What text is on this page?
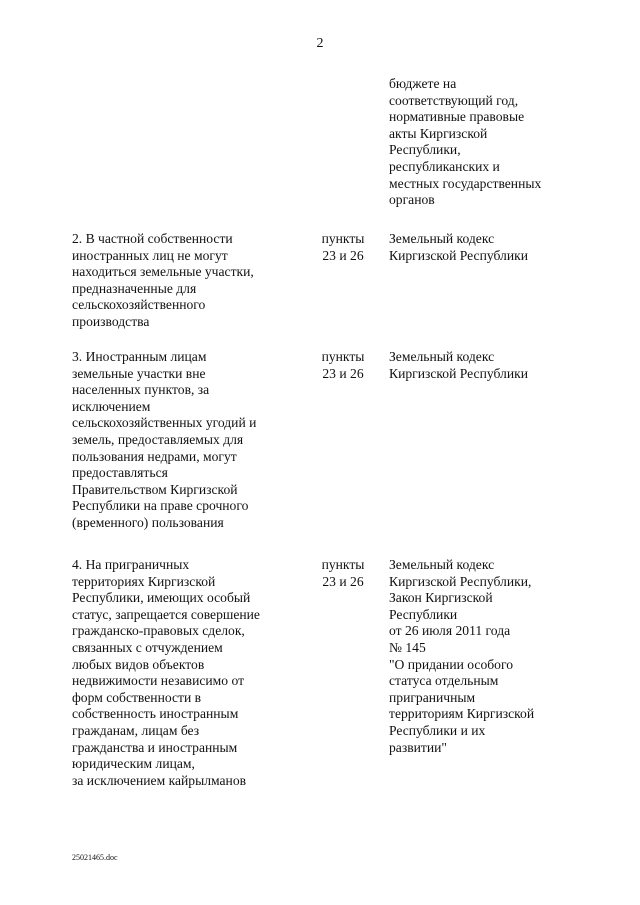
2
бюджете на
соответствующий год,
нормативные правовые
акты Киргизской
Республики,
республиканских и
местных государственных
органов
2. В частной собственности
иностранных лиц не могут
находиться земельные участки,
предназначенные для
сельскохозяйственного
производства
пункты
23 и 26
Земельный кодекс
Киргизской Республики
3. Иностранным лицам
земельные участки вне
населенных пунктов, за
исключением
сельскохозяйственных угодий и
земель, предоставляемых для
пользования недрами, могут
предоставляться
Правительством Киргизской
Республики на праве срочного
(временного) пользования
пункты
23 и 26
Земельный кодекс
Киргизской Республики
4. На приграничных
территориях Киргизской
Республики, имеющих особый
статус, запрещается совершение
гражданско-правовых сделок,
связанных с отчуждением
любых видов объектов
недвижимости независимо от
форм собственности в
собственность иностранным
гражданам, лицам без
гражданства и иностранным
юридическим лицам,
за исключением кайрылманов
пункты
23 и 26
Земельный кодекс
Киргизской Республики,
Закон Киргизской
Республики
от 26 июля 2011 года
№ 145
"О придании особого
статуса отдельным
приграничным
территориям Киргизской
Республики и их
развитии"
25021465.doc
